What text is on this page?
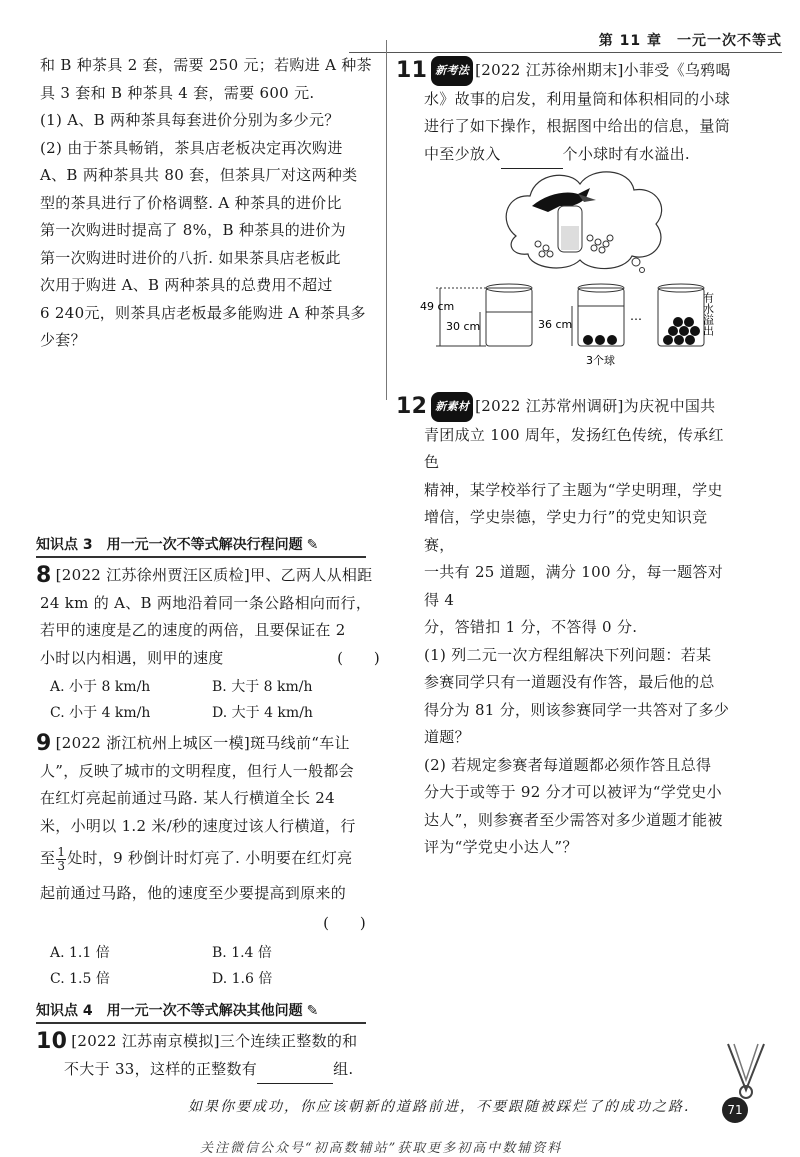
第 11 章　一元一次不等式

和 B 种茶具 2 套，需要 250 元；若购进 A 种茶

具 3 套和 B 种茶具 4 套，需要 600 元.

(1) A、B 两种茶具每套进价分别为多少元？

(2) 由于茶具畅销，茶具店老板决定再次购进

A、B 两种茶具共 80 套，但茶具厂对这两种类

型的茶具进行了价格调整. A 种茶具的进价比

第一次购进时提高了 8%，B 种茶具的进价为

第一次购进时进价的八折. 如果茶具店老板此

次用于购进 A、B 两种茶具的总费用不超过

6 240元，则茶具店老板最多能购进 A 种茶具多

少套？

知识点 3　用一元一次不等式解决行程问题 ✎

8 [2022 江苏徐州贾汪区质检]甲、乙两人从相距

24 km 的 A、B 两地沿着同一条公路相向而行，

若甲的速度是乙的速度的两倍，且要保证在 2

小时以内相遇，则甲的速度	(　　)

A. 小于 8 km/h	B. 大于 8 km/h
C. 小于 4 km/h	D. 大于 4 km/h

9 [2022 浙江杭州上城区一模]斑马线前“车让

人”，反映了城市的文明程度，但行人一般都会

在红灯亮起前通过马路. 某人行横道全长 24

米，小明以 1.2 米/秒的速度过该人行横道，行

至 $\frac{1}{3}$ 处时，9 秒倒计时灯亮了. 小明要在红灯亮

起前通过马路，他的速度至少要提高到原来的

(　　)

A. 1.1 倍	B. 1.4 倍
C. 1.5 倍	D. 1.6 倍
知识点 4　用一元一次不等式解决其他问题 ✎

10 [2022 江苏南京模拟]三个连续正整数的和

不大于 33，这样的正整数有	组.

11 新考法 [2022 江苏徐州期末]小菲受《乌鸦喝

水》故事的启发，利用量筒和体积相同的小球

进行了如下操作，根据图中给出的信息，量筒

中至少放入	个小球时有水溢出.

49 cm
30 cm	36 cm
3个球
…	有水溢出

12 新素材 [2022 江苏常州调研]为庆祝中国共

青团成立 100 周年，发扬红色传统，传承红色

精神，某学校举行了主题为“学史明理，学史

增信，学史崇德，学史力行”的党史知识竞赛，

一共有 25 道题，满分 100 分，每一题答对得 4

分，答错扣 1 分，不答得 0 分.

(1) 列二元一次方程组解决下列问题：若某

参赛同学只有一道题没有作答，最后他的总

得分为 81 分，则该参赛同学一共答对了多少

道题？

(2) 若规定参赛者每道题都必须作答且总得

分大于或等于 92 分才可以被评为“学党史小

达人”，则参赛者至少需答对多少道题才能被

评为“学党史小达人”？

如果你要成功，你应该朝新的道路前进，不要跟随被踩烂了的成功之路.	71
关注微信公众号“初高数辅站”获取更多初高中数辅资料
